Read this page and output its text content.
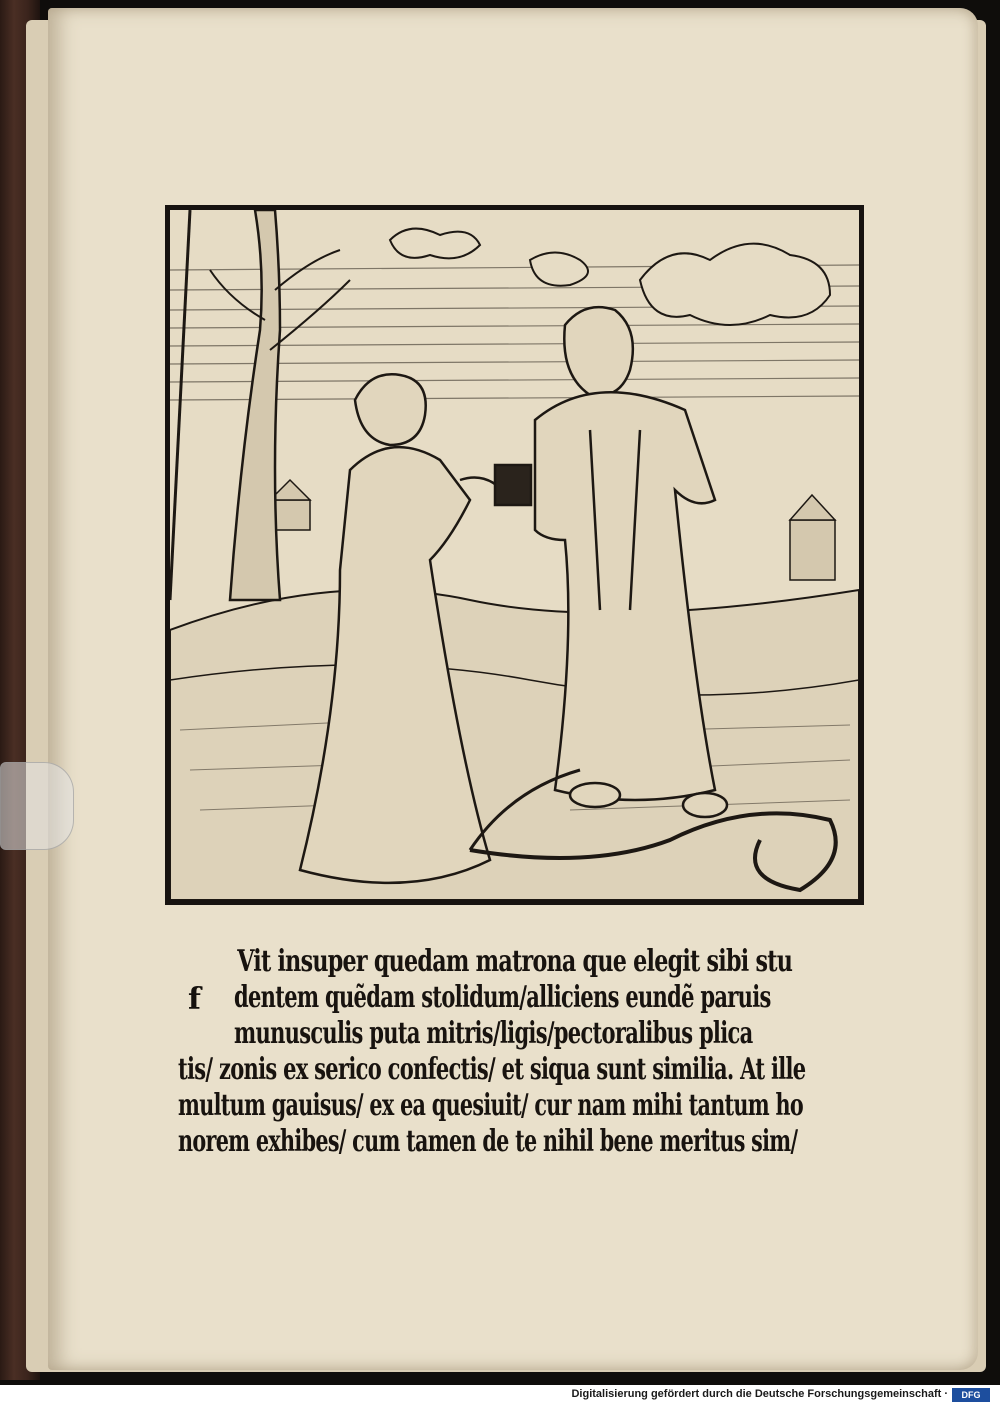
f
Vit insuper quedam matrona que elegit sibi stu
dentem quẽdam stolidum/alliciens eundẽ paruis
munusculis puta mitris/ligis/pectoralibus plica
tis/ zonis ex serico confectis/ et siqua sunt similia. At ille
multum gauisus/ ex ea quesiuit/ cur nam mihi tantum ho
norem exhibes/ cum tamen de te nihil bene meritus sim/
Digitalisierung gefördert durch die Deutsche Forschungsgemeinschaft ·	DFG
